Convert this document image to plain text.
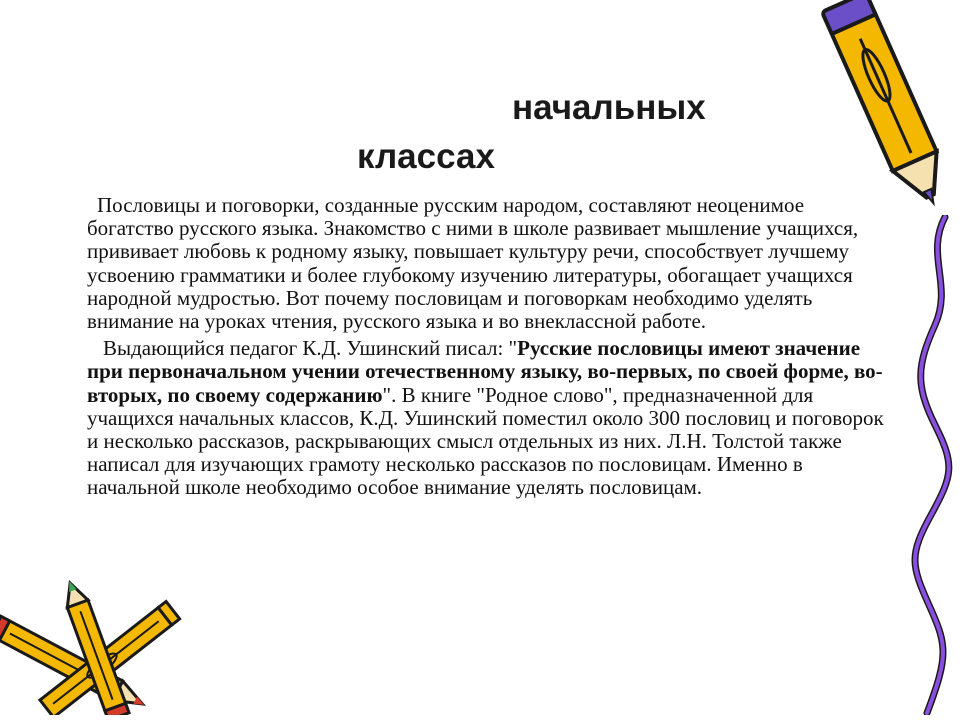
начальных
классах

Пословицы и поговорки, созданные русским народом, составляют неоценимое богатство русского языка. Знакомство с ними в школе развивает мышление учащихся, прививает любовь к родному языку, повышает культуру речи, способствует лучшему усвоению грамматики и более глубокому изучению литературы, обогащает учащихся народной мудростью. Вот почему пословицам и поговоркам необходимо уделять внимание на уроках чтения, русского языка и во внеклассной работе.

Выдающийся педагог К.Д. Ушинский писал: "Русские пословицы имеют значение при первоначальном учении отечественному языку, во-первых, по своей форме, во-вторых, по своему содержанию". В книге "Родное слово", предназначенной для учащихся начальных классов, К.Д. Ушинский поместил около 300 пословиц и поговорок и несколько рассказов, раскрывающих смысл отдельных из них. Л.Н. Толстой также написал для изучающих грамоту несколько рассказов по пословицам. Именно в начальной школе необходимо особое внимание уделять пословицам.
